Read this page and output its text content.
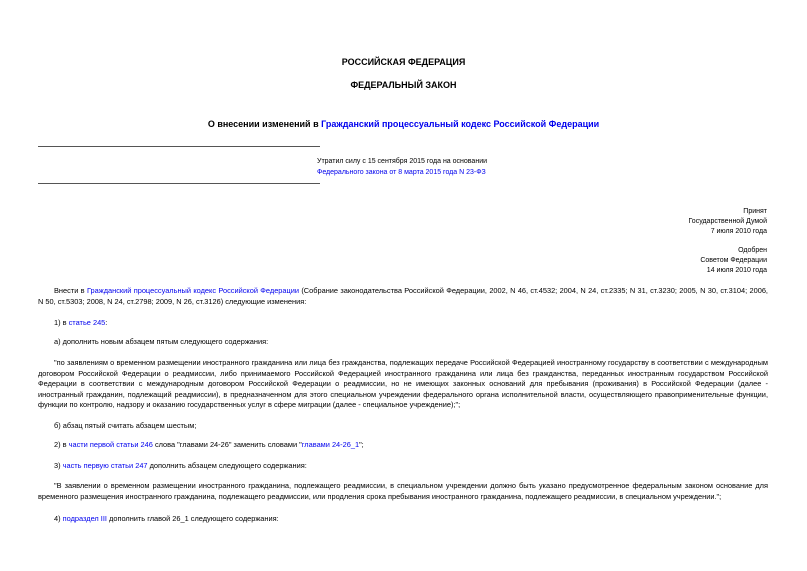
РОССИЙСКАЯ ФЕДЕРАЦИЯ
ФЕДЕРАЛЬНЫЙ ЗАКОН
О внесении изменений в Гражданский процессуальный кодекс Российской Федерации
Утратил силу с 15 сентября 2015 года на основании
Федерального закона от 8 марта 2015 года N 23-ФЗ
Принят
Государственной Думой
7 июля 2010 года
Одобрен
Советом Федерации
14 июля 2010 года
Внести в Гражданский процессуальный кодекс Российской Федерации (Собрание законодательства Российской Федерации, 2002, N 46, ст.4532; 2004, N 24, ст.2335; N 31, ст.3230; 2005, N 30, ст.3104; 2006, N 50, ст.5303; 2008, N 24, ст.2798; 2009, N 26, ст.3126) следующие изменения:
1) в статье 245:
а) дополнить новым абзацем пятым следующего содержания:
"по заявлениям о временном размещении иностранного гражданина или лица без гражданства, подлежащих передаче Российской Федерацией иностранному государству в соответствии с международным договором Российской Федерации о реадмиссии, либо принимаемого Российской Федерацией иностранного гражданина или лица без гражданства, переданных иностранным государством Российской Федерации в соответствии с международным договором Российской Федерации о реадмиссии, но не имеющих законных оснований для пребывания (проживания) в Российской Федерации (далее - иностранный гражданин, подлежащий реадмиссии), в предназначенном для этого специальном учреждении федерального органа исполнительной власти, осуществляющего правоприменительные функции, функции по контролю, надзору и оказанию государственных услуг в сфере миграции (далее - специальное учреждение);";
б) абзац пятый считать абзацем шестым;
2) в части первой статьи 246 слова "главами 24-26" заменить словами "главами 24-26_1";
3) часть первую статьи 247 дополнить абзацем следующего содержания:
"В заявлении о временном размещении иностранного гражданина, подлежащего реадмиссии, в специальном учреждении должно быть указано предусмотренное федеральным законом основание для временного размещения иностранного гражданина, подлежащего реадмиссии, или продления срока пребывания иностранного гражданина, подлежащего реадмиссии, в специальном учреждении.";
4) подраздел III дополнить главой 26_1 следующего содержания:
